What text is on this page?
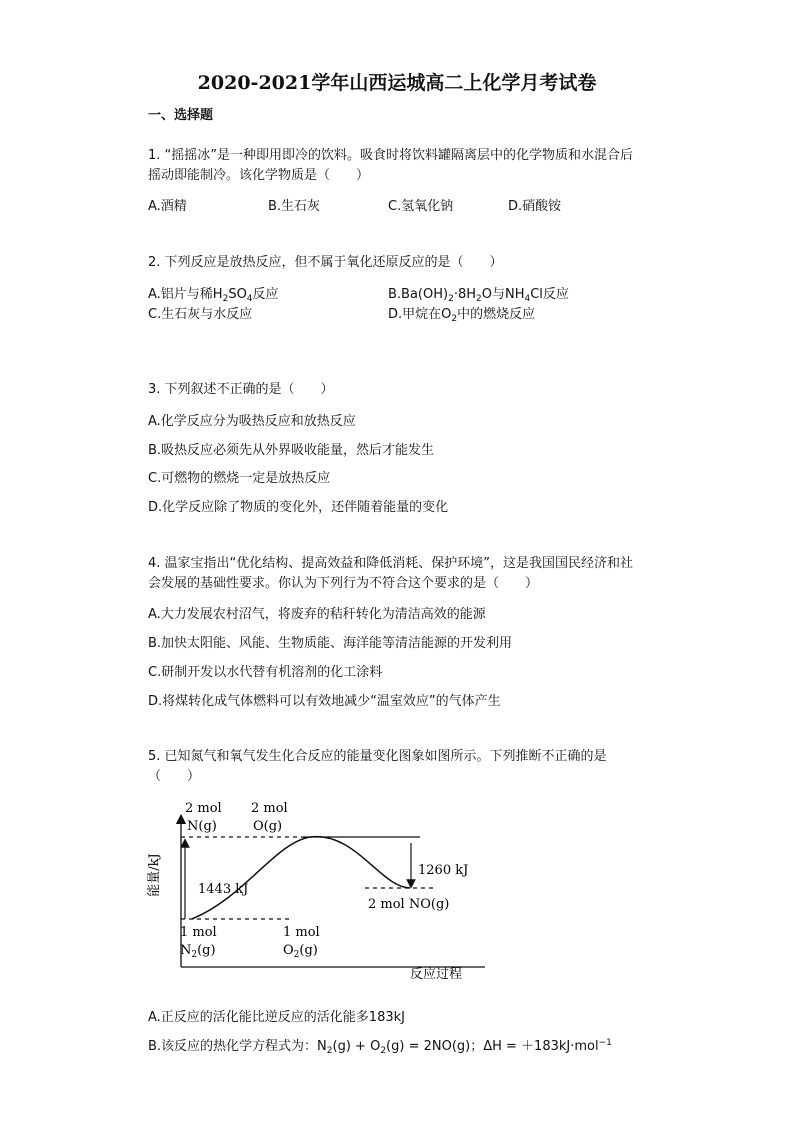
2020-2021学年山西运城高二上化学月考试卷
一、选择题
1. “摇摇冰”是一种即用即冷的饮料。吸食时将饮料罐隔离层中的化学物质和水混合后
摇动即能制冷。该化学物质是（　　）
A.酒精	B.生石灰	C.氢氧化钠	D.硝酸铵
2. 下列反应是放热反应，但不属于氧化还原反应的是（　　）
A.铝片与稀$H_2SO_4$反应	$B.Ba(OH)_2\cdot 8H_2O$与$NH_4Cl$反应
C.生石灰与水反应	D.甲烷在$O_2$中的燃烧反应
3. 下列叙述不正确的是（　　）
A.化学反应分为吸热反应和放热反应
B.吸热反应必须先从外界吸收能量，然后才能发生
C.可燃物的燃烧一定是放热反应
D.化学反应除了物质的变化外，还伴随着能量的变化
4. 温家宝指出“优化结构、提高效益和降低消耗、保护环境”，这是我国国民经济和社
会发展的基础性要求。你认为下列行为不符合这个要求的是（　　）
A.大力发展农村沼气，将废弃的秸秆转化为清洁高效的能源
B.加快太阳能、风能、生物质能、海洋能等清洁能源的开发利用
C.研制开发以水代替有机溶剂的化工涂料
D.将煤转化成气体燃料可以有效地减少“温室效应”的气体产生
5. 已知氮气和氧气发生化合反应的能量变化图象如图所示。下列推断不正确的是
（　　）
能量/kJ
2 mol
N(g)
2 mol
O(g)
1443 kJ
1260 kJ
2 mol NO(g)
1 mol
$N_2(g)$
1 mol
$O_2(g)$
反应过程
A.正反应的活化能比逆反应的活化能多183kJ
B.该反应的热化学方程式为：$N_2(g) + O_2(g) = 2NO(g)$；ΔH = ＋183kJ·mol$^{-1}$
